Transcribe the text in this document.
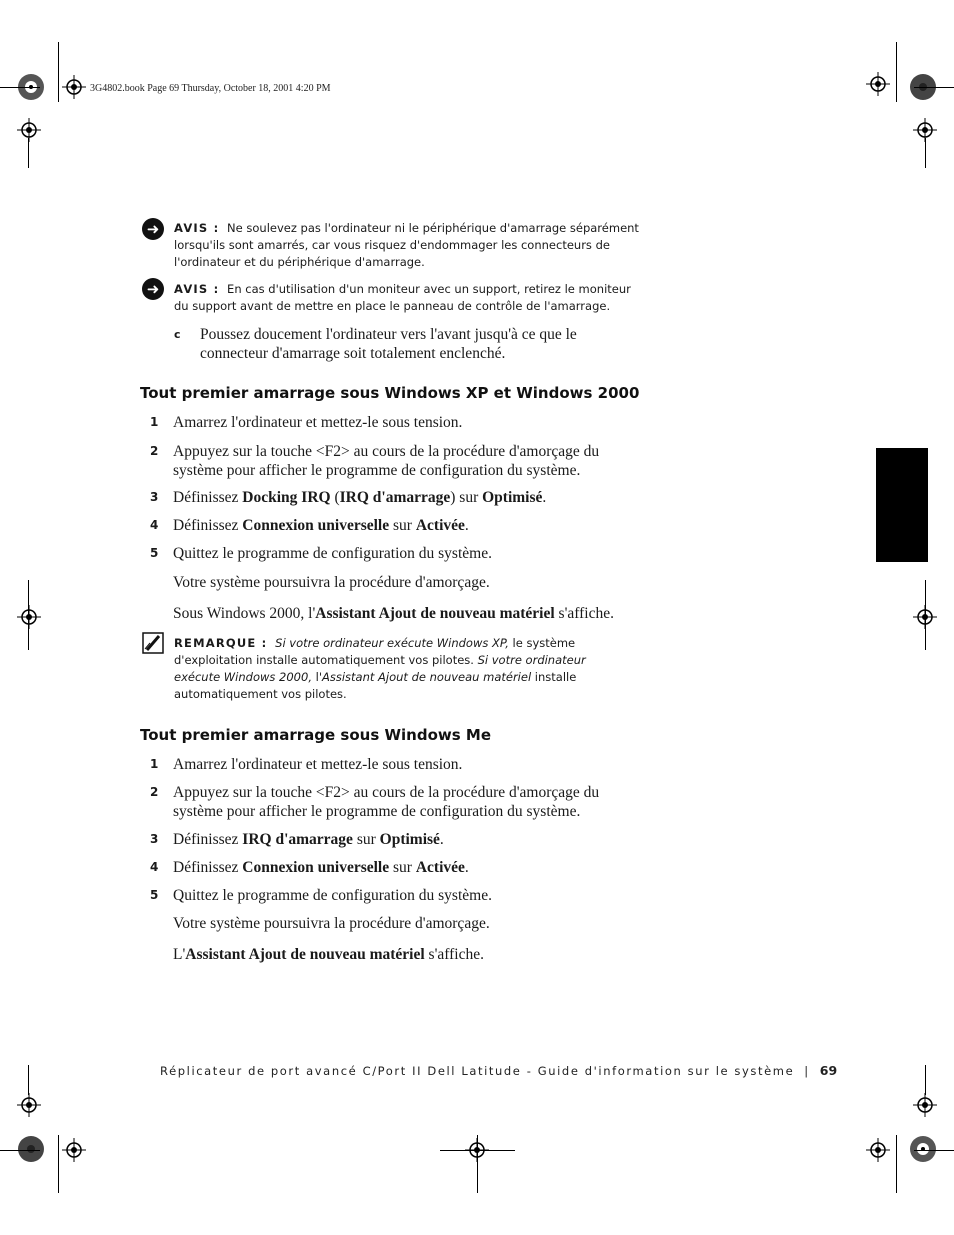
3G4802.book Page 69 Thursday, October 18, 2001 4:20 PM
➜	AVIS : Ne soulevez pas l'ordinateur ni le périphérique d'amarrage séparément lorsqu'ils sont amarrés, car vous risquez d'endommager les connecteurs de l'ordinateur et du périphérique d'amarrage.
➜	AVIS : En cas d'utilisation d'un moniteur avec un support, retirez le moniteur du support avant de mettre en place le panneau de contrôle de l'amarrage.
c Poussez doucement l'ordinateur vers l'avant jusqu'à ce que le connecteur d'amarrage soit totalement enclenché.
Tout premier amarrage sous Windows XP et Windows 2000
1 Amarrez l'ordinateur et mettez-le sous tension.
2 Appuyez sur la touche <F2> au cours de la procédure d'amorçage du système pour afficher le programme de configuration du système.
3 Définissez Docking IRQ (IRQ d'amarrage) sur Optimisé.
4 Définissez Connexion universelle sur Activée.
5 Quittez le programme de configuration du système.
Votre système poursuivra la procédure d'amorçage.
Sous Windows 2000, l'Assistant Ajout de nouveau matériel s'affiche.
REMARQUE : Si votre ordinateur exécute Windows XP, le système d'exploitation installe automatiquement vos pilotes. Si votre ordinateur exécute Windows 2000, l'Assistant Ajout de nouveau matériel installe automatiquement vos pilotes.
Tout premier amarrage sous Windows Me
1 Amarrez l'ordinateur et mettez-le sous tension.
2 Appuyez sur la touche <F2> au cours de la procédure d'amorçage du système pour afficher le programme de configuration du système.
3 Définissez IRQ d'amarrage sur Optimisé.
4 Définissez Connexion universelle sur Activée.
5 Quittez le programme de configuration du système.
Votre système poursuivra la procédure d'amorçage.
L'Assistant Ajout de nouveau matériel s'affiche.
Réplicateur de port avancé C/Port II Dell Latitude - Guide d'information sur le système | 69
